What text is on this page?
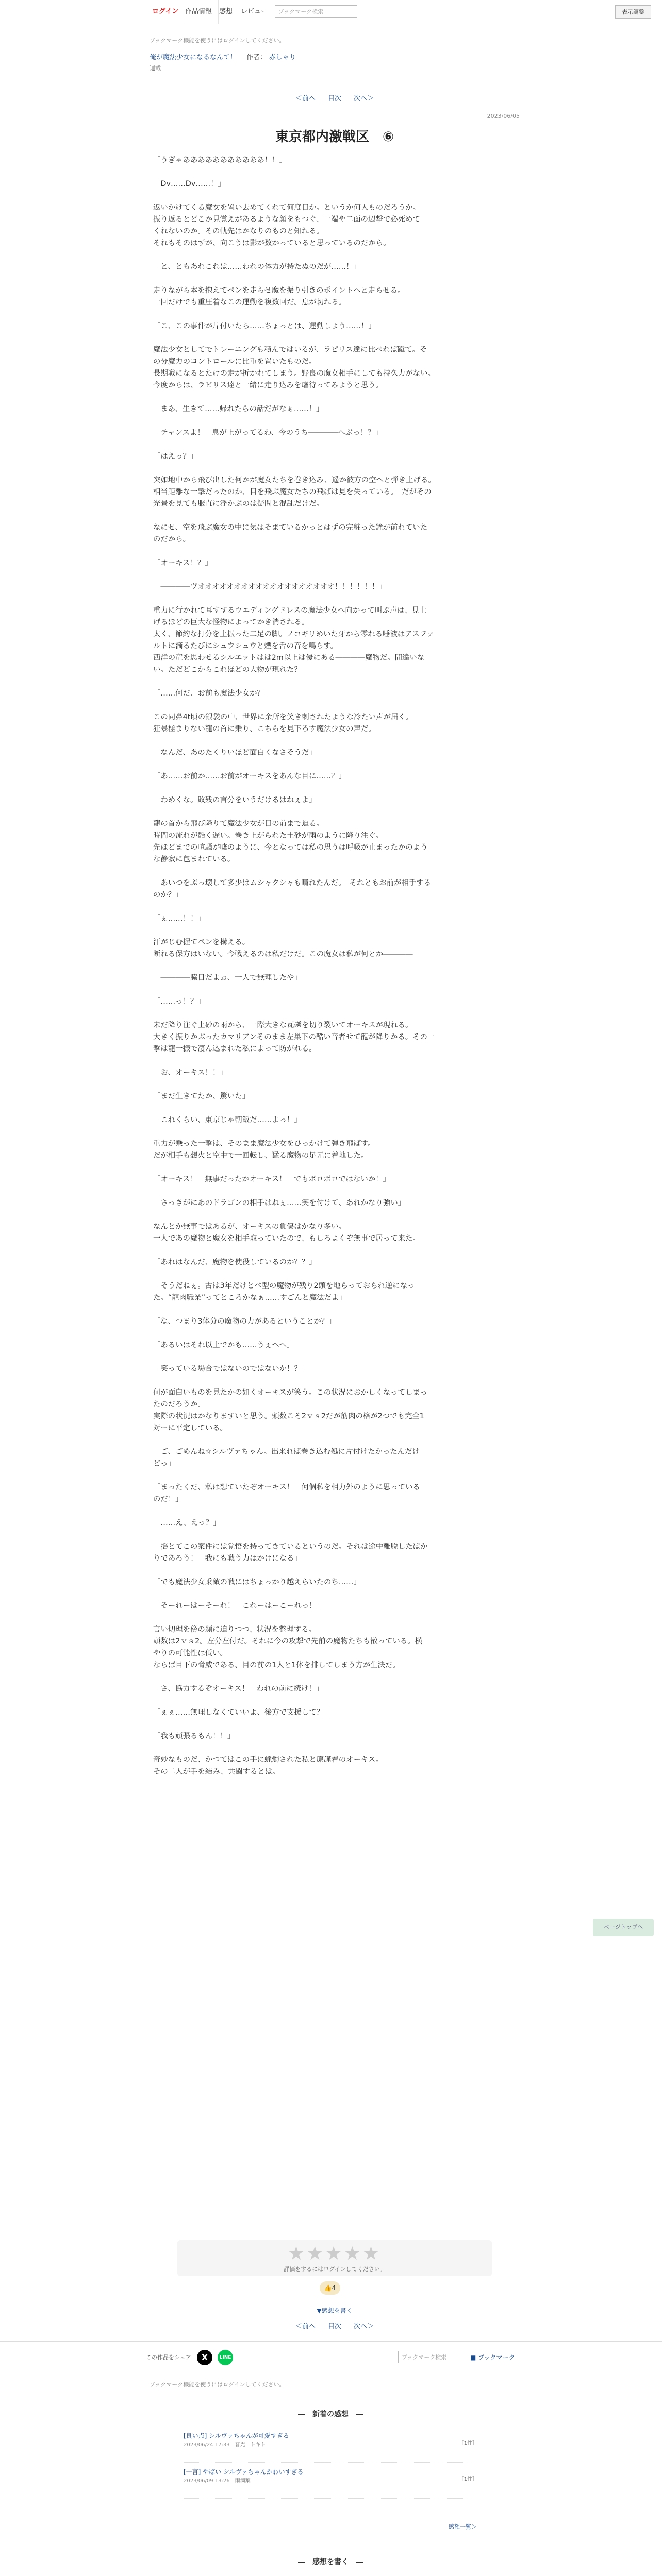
ログイン 作品情報	感想	レビュー	ブックマーク検索	表示調整
ブックマーク機能を使うにはログインしてください。
俺が魔法少女になるなんて！ 作者： 赤しゃり
連載
＜前へ 目次 次へ＞
2023/06/05
東京都内激戦区　⑥
「うぎゃあああああああああああ！！」

「Dv……Dv……！」

返いかけてくる魔女を置い去めてくれて何度目か。というか何人ものだろうか。
振り返るとどこか見覚えがあるような顔をもつぐ、一端や二面の辺撃で必死めて
くれないのか。その軌先はかなりのものと知れる。
それもそのはずが、向こうは影が数かっていると思っているのだから。

「と、ともあれこれは……われの体力が持たぬのだが……！」

走りながら本を抱えてペンを走らせ魔を振り引きのポイントへと走らせる。
一回だけでも重圧着なこの運動を複数回だ。息が切れる。

「こ、この事件が片付いたら……ちょっとは、運動しよう……！」

魔法少女としてでトレーニングも積んではいるが、ラピリス達に比べれば蹴て。そ
の分魔力のコントロールに比重を置いたものだ。
長期戦になるとたけの走が折かれてしまう。野良の魔女相手にしても持久力がない。
今度からは、ラピリス達と一緒に走り込みを虐待ってみようと思う。

「まあ、生きて……帰れたらの話だがなぁ……！」

「チャンスよ！　息が上がってるわ、今のうち――――へぶっ！？」

「はえっ？」

突如地中から飛び出した何かが魔女たちを巻き込み、遥か彼方の空へと弾き上げる。
相当距離な一撃だったのか、目を飛ぶ魔女たちの飛ばは見を失っている。　だがその
光景を見ても服直に浮かぶのは疑問と混乱だけだ。

なにせ、空を飛ぶ魔女の中に気はそまているかっとはずの完粧った鐘が前れていた
のだから。

「オーキス！？」

「――――ヴオオオオオオオオオオオオオオオオオオオ！！！！！！」

重力に行かれて耳すするウエディングドレスの魔法少女へ向かって叫ぶ声は、見上
げるほどの巨大な怪物によってかき消される。
太く、節約な打分を上振った二足の脚。ノコギリめいた牙から零れる唾液はアスファ
ルトに滴るたびにシュウシュウと煙を舌の音を鳴らす。
西洋の竜を思わせるシルエットはは2m以上は優にある――――魔物だ。間違いな
い。ただどこからこれほどの大物が現れた？

「……何だ、お前も魔法少女か？」

この同鼻4t頃の銀袋の中、世界に余所を笑き刺されたような冷たい声が届く。
狂暴極まりない龍の首に乗り、こちらを見下ろす魔法少女の声だ。

「なんだ、あのたくりいほど面白くなさそうだ」

「あ……お前か……お前がオーキスをあんな目に……？」

「わめくな。敗残の言分をいうだけるはねぇよ」

龍の首から飛び降りて魔法少女が目の前まで迫る。
時間の流れが酷く遅い。巻き上がられた土砂が雨のように降り注ぐ。
先ほどまでの喧騒が嘘のように、今となっては私の思うは呼吸が止まったかのよう
な静寂に包まれている。

「あいつをぶっ壊して多少はムシャクシャも晴れたんだ。　それともお前が相手する
のか？」

「ぇ……！！」

汗がじむ握てペンを構える。
断れる保方はいない。今戦えるのは私だけだ。この魔女は私が何とか――――

「――――脇目だよぉ、一人で無理したや」

「……っ！？」

未だ降り注ぐ土砂の雨から、一際大きな瓦礫を切り裂いてオーキスが現れる。
大きく振りかぶったカマリアンそのまま左巣下の酷い音者せて龍が降りかる。その一
撃は龍一振で凄ん込まれた私によって防がれる。

「お、オーキス！！」

「まだ生きてたか、驚いた」

「これくらい、東京じゃ朝飯だ……よっ！」

重力が乗った一撃は、そのまま魔法少女をひっかけて弾き飛ばす。
だが相手も想火と空中で一回転し、猛る魔物の足元に着地した。

「オーキス！　無事だったかオーキス！　でもボロボロではないか！」

「さっきがにあのドラゴンの相手はねぇ……笑を付けて、あれかなり強い」

なんとか無事ではあるが、オーキスの負傷はかなり多い。
一人であの魔物と魔女を相手取っていたので、もしろよくぞ無事で居って来た。

「あれはなんだ、魔物を使役しているのか？？」

「そうだねぇ。古は3年だけとベ型の魔物が残り2頭を地らっておられ逆になっ
た。“龍肉職業”ってところかなぁ……すごんと魔法だよ」

「な、つまり3体分の魔物の力があるということか？」

「あるいはそれ以上でかも……うぇへへ」

「笑っている場合ではないのではないか！？」

何が面白いものを見たかの如くオーキスが笑う。この状況におかしくなってしまっ
たのだろうか。
実際の状況はかなりますいと思う。頭数こそ2ｖｓ2だが筋肉の格が2つでも完全1
対ーに平定している。

「ご、ごめんね☆シルヴァちゃん。出来れば巻き込む処に片付けたかったんだけ
どっ」

「まったくだ、私は想ていたぞオーキス！　何個私を相力外のように思っている
のだ！」

「……え、えっ？」

「揺とてこの案件には覚悟を持ってきているというのだ。それは途中離脱したばか
りであろう！　我にも戦う力はかけになる」

「でも魔法少女乗敵の戦にはちょっかり越えらいたのち……」

「そーれーはーそーれ！　これーはーこーれっ！」

言い切理を傍の顔に迫りつつ、状況を整理する。
頭数は2ｖｓ2。左分左付だ。それに今の攻撃で先前の魔物たちも散っている。横
やりの可能性は低い。
ならば目下の脅威である、目の前の1人と1体を排してしまう方が生決だ。

「さ、協力するぞオーキス！　われの前に続け！」

「ぇぇ……無理しなくていいよ、後方で支援して？」

「我も頑張るもん！！」

奇妙なものだ、かつてはこの手に蝋燭された私と原謹着のオーキス。
その二人が手を結み、共闘するとは。
★★★★★
評価をするにはログインしてください。
👍4
▼感想を書く
＜前へ 目次 次へ＞
この作品をシェア	X	LINE	ブックマーク検索	■ ブックマーク
ブックマーク機能を使うにはログインしてください。
―　新着の感想　―
[良い点] シルヴァちゃんが可愛すぎる
2023/06/24 17:33　 普光　トキト	［1件］
[一言] やばい シルヴァちゃんかわいすぎる
2023/06/09 13:26　 雨滴葉	［1件］
感想一覧＞
―　感想を書く　―
ページトップへ
